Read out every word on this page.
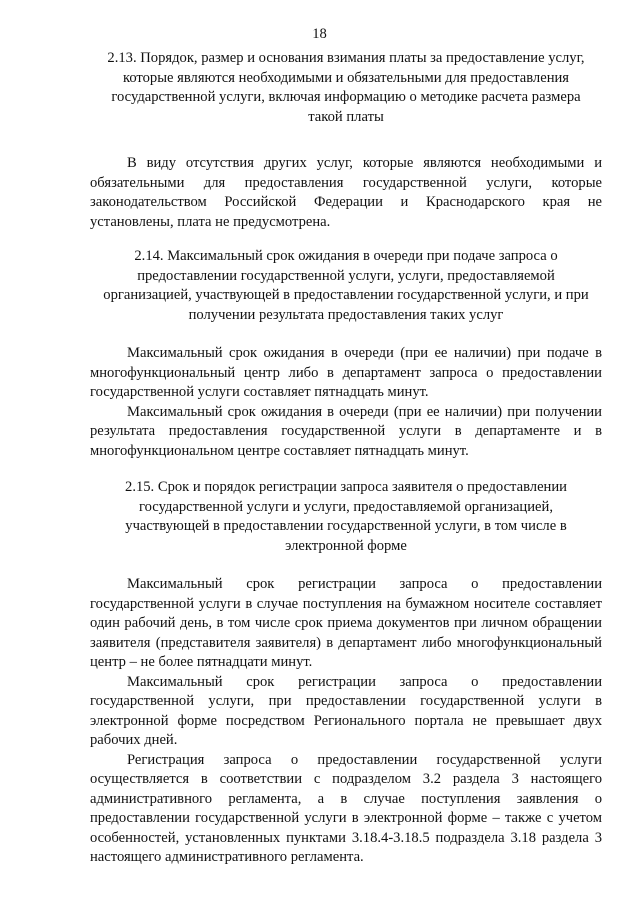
18

2.13. Порядок, размер и основания взимания платы за предоставление услуг, которые являются необходимыми и обязательными для предоставления государственной услуги, включая информацию о методике расчета размера такой платы

В виду отсутствия других услуг, которые являются необходимыми и обязательными для предоставления государственной услуги, которые законодательством Российской Федерации и Краснодарского края не установлены, плата не предусмотрена.

2.14. Максимальный срок ожидания в очереди при подаче запроса о предоставлении государственной услуги, услуги, предоставляемой организацией, участвующей в предоставлении государственной услуги, и при получении результата предоставления таких услуг

Максимальный срок ожидания в очереди (при ее наличии) при подаче в многофункциональный центр либо в департамент запроса о предоставлении государственной услуги составляет пятнадцать минут.

Максимальный срок ожидания в очереди (при ее наличии) при получении результата предоставления государственной услуги в департаменте и в многофункциональном центре составляет пятнадцать минут.

2.15. Срок и порядок регистрации запроса заявителя о предоставлении государственной услуги и услуги, предоставляемой организацией, участвующей в предоставлении государственной услуги, в том числе в электронной форме

Максимальный срок регистрации запроса о предоставлении государственной услуги в случае поступления на бумажном носителе составляет один рабочий день, в том числе срок приема документов при личном обращении заявителя (представителя заявителя) в департамент либо многофункциональный центр – не более пятнадцати минут.

Максимальный срок регистрации запроса о предоставлении государственной услуги, при предоставлении государственной услуги в электронной форме посредством Регионального портала не превышает двух рабочих дней.

Регистрация запроса о предоставлении государственной услуги осуществляется в соответствии с подразделом 3.2 раздела 3 настоящего административного регламента, а в случае поступления заявления о предоставлении государственной услуги в электронной форме – также с учетом особенностей, установленных пунктами 3.18.4-3.18.5 подраздела 3.18 раздела 3 настоящего административного регламента.
